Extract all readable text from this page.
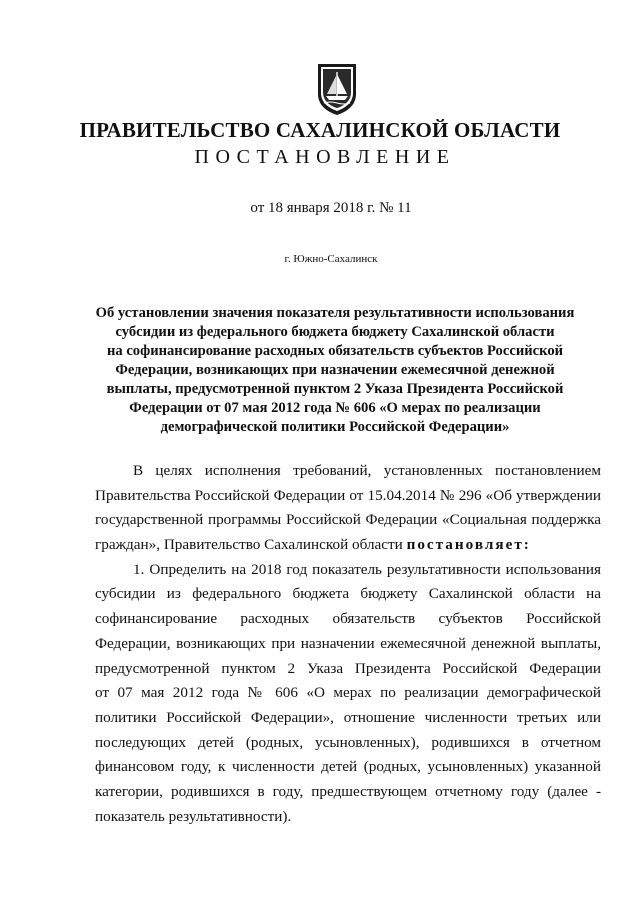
ПРАВИТЕЛЬСТВО САХАЛИНСКОЙ ОБЛАСТИ
ПОСТАНОВЛЕНИЕ
от 18 января 2018 г. № 11
г. Южно-Сахалинск
Об установлении значения показателя результативности использования
субсидии из федерального бюджета бюджету Сахалинской области
на софинансирование расходных обязательств субъектов Российской
Федерации, возникающих при назначении ежемесячной денежной
выплаты, предусмотренной пунктом 2 Указа Президента Российской
Федерации от 07 мая 2012 года № 606 «О мерах по реализации
демографической политики Российской Федерации»
В целях исполнения требований, установленных постановлением
Правительства Российской Федерации от 15.04.2014 № 296 «Об утверждении
государственной программы Российской Федерации «Социальная поддержка
граждан», Правительство Сахалинской области постановляет:
1. Определить на 2018 год показатель результативности использования
субсидии из федерального бюджета бюджету Сахалинской области на
софинансирование расходных обязательств субъектов Российской
Федерации, возникающих при назначении ежемесячной денежной выплаты,
предусмотренной пунктом 2 Указа Президента Российской Федерации
от 07 мая 2012 года № 606 «О мерах по реализации демографической
политики Российской Федерации», отношение численности третьих или
последующих детей (родных, усыновленных), родившихся в отчетном
финансовом году, к численности детей (родных, усыновленных) указанной
категории, родившихся в году, предшествующем отчетному году (далее -
показатель результативности).
